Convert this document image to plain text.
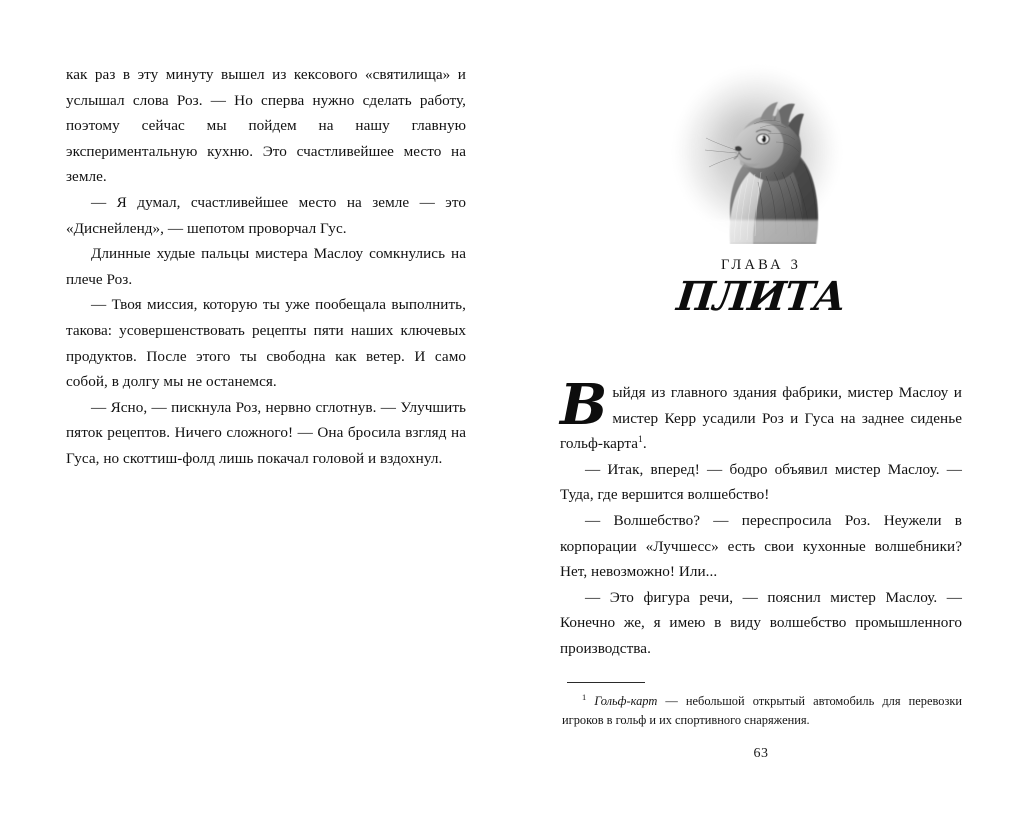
как раз в эту минуту вышел из кексового «святилища» и услышал слова Роз. — Но сперва нужно сделать работу, поэтому сейчас мы пойдем на нашу главную экспериментальную кухню. Это счастливейшее место на земле.

— Я думал, счастливейшее место на земле — это «Диснейленд», — шепотом проворчал Гус.

Длинные худые пальцы мистера Маслоу сомкнулись на плече Роз.

— Твоя миссия, которую ты уже пообещала выполнить, такова: усовершенствовать рецепты пяти наших ключевых продуктов. После этого ты свободна как ветер. И само собой, в долгу мы не останемся.

— Ясно, — пискнула Роз, нервно сглотнув. — Улучшить пяток рецептов. Ничего сложного! — Она бросила взгляд на Гуса, но скоттиш-фолд лишь покачал головой и вздохнул.

ГЛАВА 3
ПЛИТА

Выйдя из главного здания фабрики, мистер Маслоу и мистер Керр усадили Роз и Гуса на заднее сиденье гольф-карта$^1$.

— Итак, вперед! — бодро объявил мистер Маслоу. — Туда, где вершится волшебство!

— Волшебство? — переспросила Роз. Неужели в корпорации «Лучшесс» есть свои кухонные волшебники? Нет, невозможно! Или...

— Это фигура речи, — пояснил мистер Маслоу. — Конечно же, я имею в виду волшебство промышленного производства.

$^1$ Гольф-карт — небольшой открытый автомобиль для перевозки игроков в гольф и их спортивного снаряжения.
63
